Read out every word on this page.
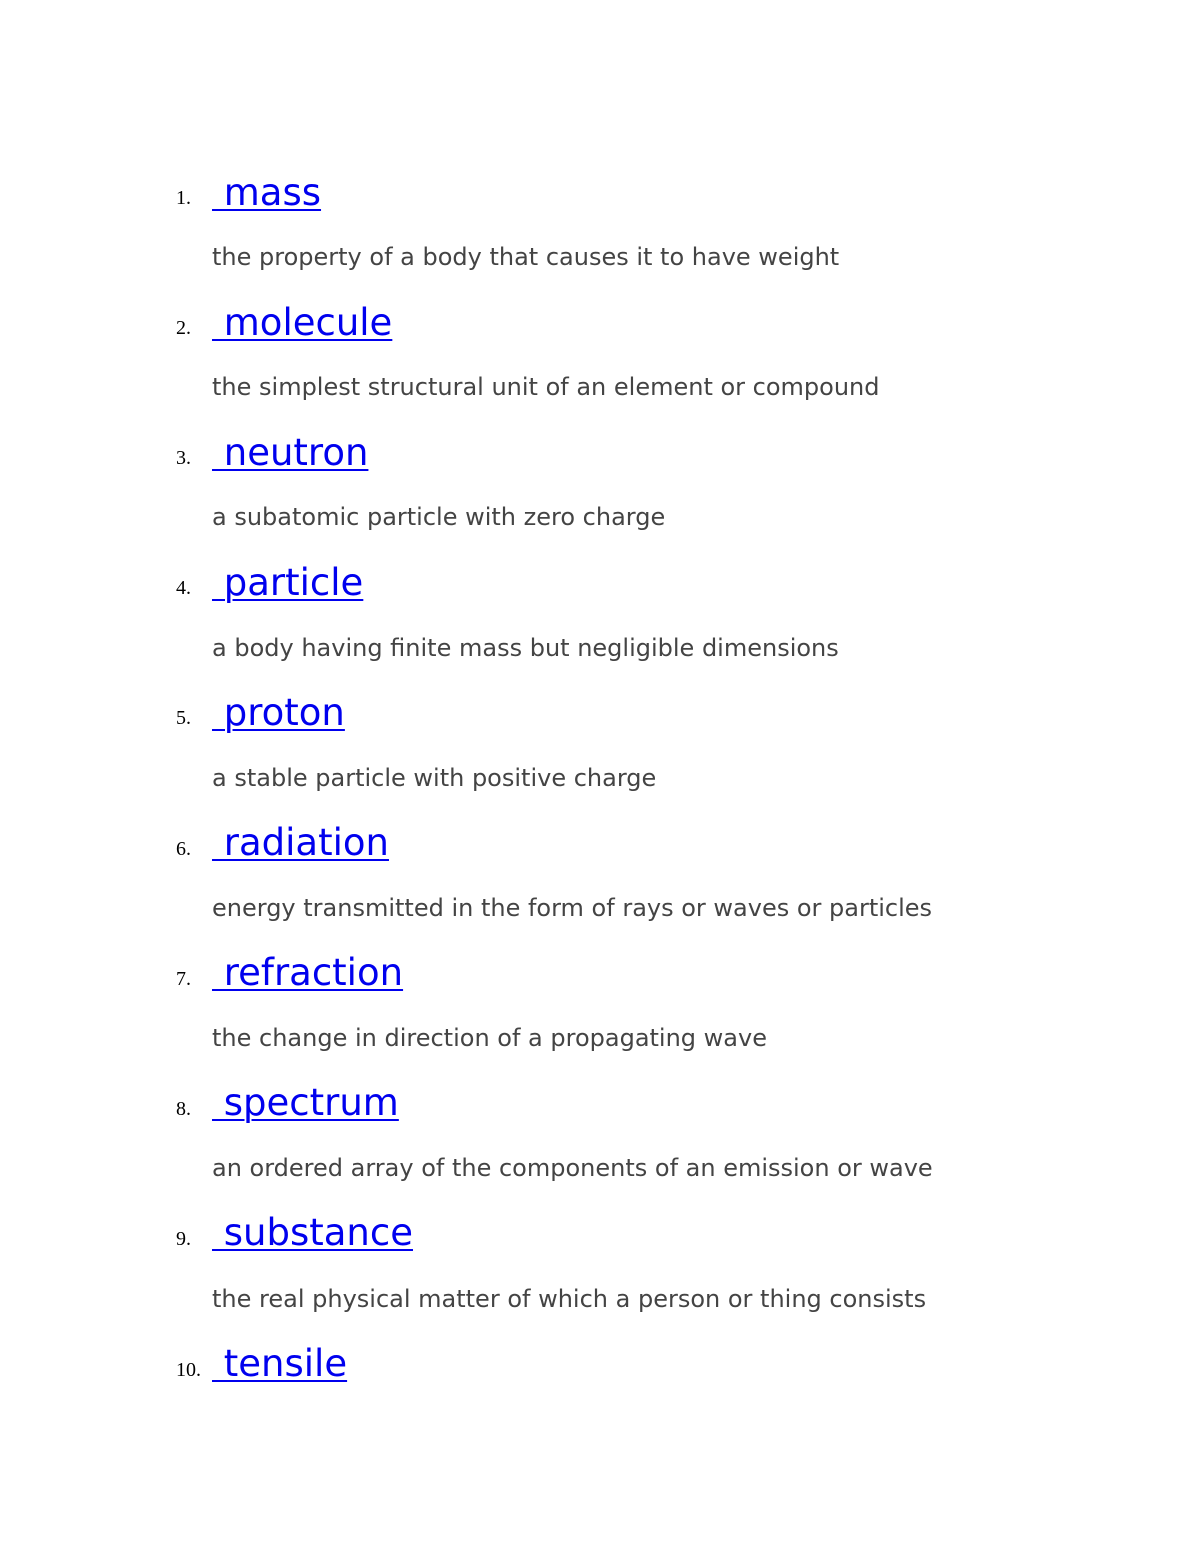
1. mass
the property of a body that causes it to have weight
2. molecule
the simplest structural unit of an element or compound
3. neutron
a subatomic particle with zero charge
4. particle
a body having finite mass but negligible dimensions
5. proton
a stable particle with positive charge
6. radiation
energy transmitted in the form of rays or waves or particles
7. refraction
the change in direction of a propagating wave
8. spectrum
an ordered array of the components of an emission or wave
9. substance
the real physical matter of which a person or thing consists
10. tensile
